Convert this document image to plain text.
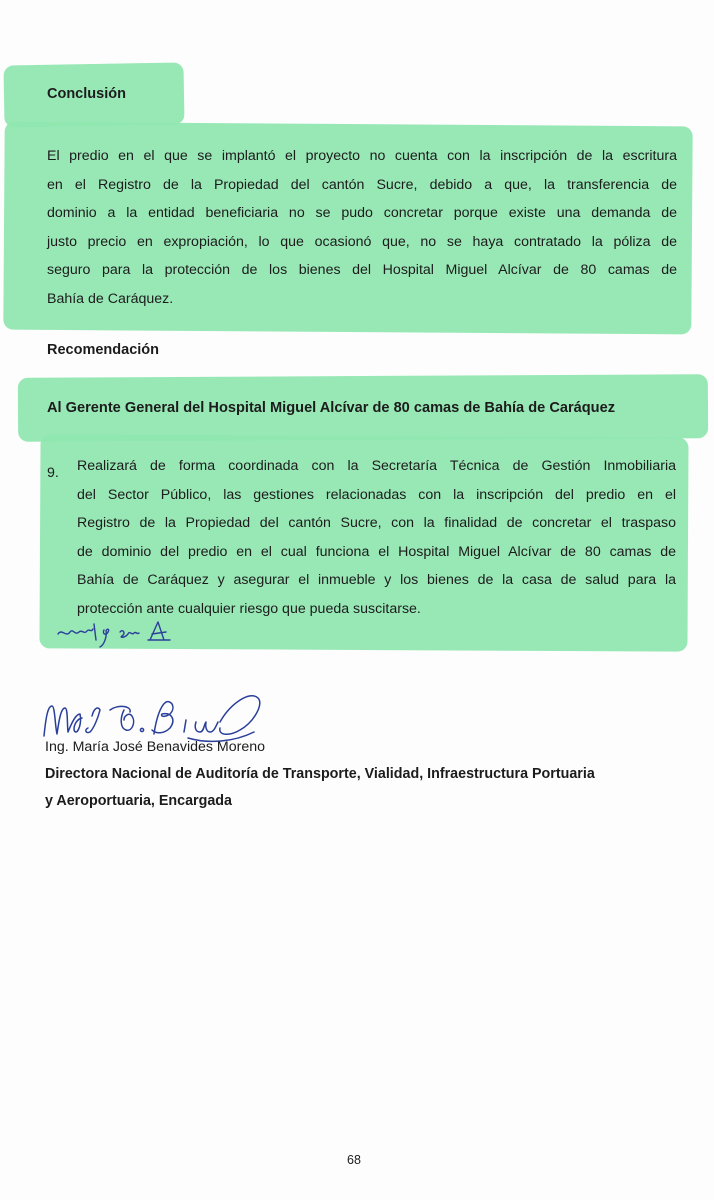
Conclusión
El predio en el que se implantó el proyecto no cuenta con la inscripción de la escritura
en el Registro de la Propiedad del cantón Sucre, debido a que, la transferencia de
dominio a la entidad beneficiaria no se pudo concretar porque existe una demanda de
justo precio en expropiación, lo que ocasionó que, no se haya contratado la póliza de
seguro para la protección de los bienes del Hospital Miguel Alcívar de 80 camas de
Bahía de Caráquez.
Recomendación
Al Gerente General del Hospital Miguel Alcívar de 80 camas de Bahía de Caráquez
9. Realizará de forma coordinada con la Secretaría Técnica de Gestión Inmobiliaria
del Sector Público, las gestiones relacionadas con la inscripción del predio en el
Registro de la Propiedad del cantón Sucre, con la finalidad de concretar el traspaso
de dominio del predio en el cual funciona el Hospital Miguel Alcívar de 80 camas de
Bahía de Caráquez y asegurar el inmueble y los bienes de la casa de salud para la
protección ante cualquier riesgo que pueda suscitarse.
Ing. María José Benavides Moreno
Directora Nacional de Auditoría de Transporte, Vialidad, Infraestructura Portuaria
y Aeroportuaria, Encargada
68
